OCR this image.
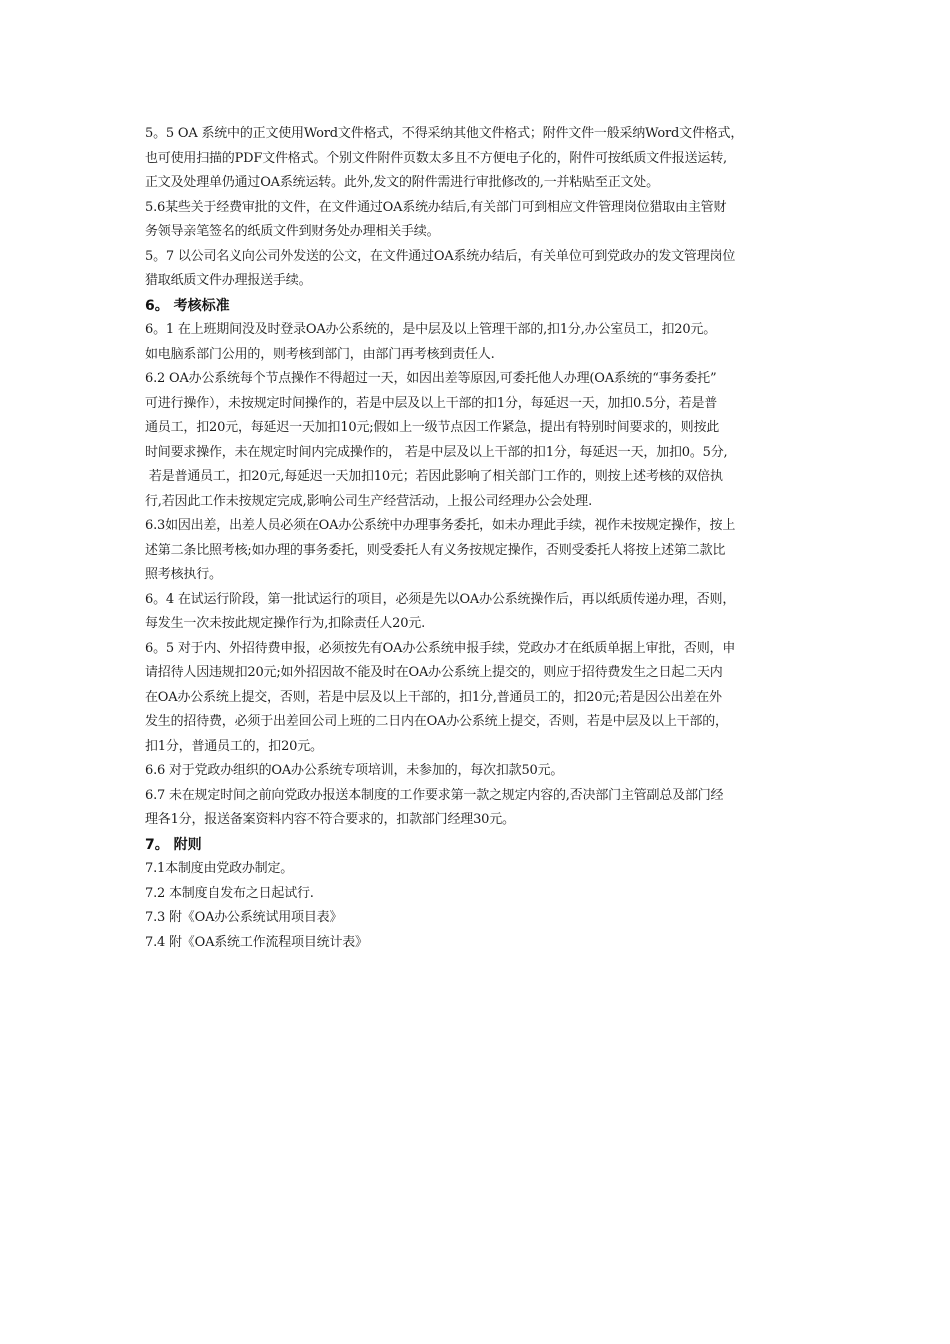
5。5 OA 系统中的正文使用Word文件格式，不得采纳其他文件格式；附件文件一般采纳Word文件格式，
也可使用扫描的PDF文件格式。个别文件附件页数太多且不方便电子化的，附件可按纸质文件报送运转,
正文及处理单仍通过OA系统运转。此外,发文的附件需进行审批修改的,一并粘贴至正文处。
5.6某些关于经费审批的文件，在文件通过OA系统办结后,有关部门可到相应文件管理岗位猎取由主管财
务领导亲笔签名的纸质文件到财务处办理相关手续。
5。7 以公司名义向公司外发送的公文，在文件通过OA系统办结后，有关单位可到党政办的发文管理岗位
猎取纸质文件办理报送手续。
6。 考核标准
6。1 在上班期间没及时登录OA办公系统的，是中层及以上管理干部的,扣1分,办公室员工，扣20元。
如电脑系部门公用的，则考核到部门，由部门再考核到责任人.
6.2 OA办公系统每个节点操作不得超过一天，如因出差等原因,可委托他人办理(OA系统的“事务委托”
可进行操作），未按规定时间操作的，若是中层及以上干部的扣1分，每延迟一天，加扣0.5分，若是普
通员工，扣20元，每延迟一天加扣10元;假如上一级节点因工作紧急，提出有特别时间要求的，则按此
时间要求操作，未在规定时间内完成操作的， 若是中层及以上干部的扣1分，每延迟一天，加扣0。5分,
若是普通员工，扣20元,每延迟一天加扣10元；若因此影响了相关部门工作的，则按上述考核的双倍执
行,若因此工作未按规定完成,影响公司生产经营活动，上报公司经理办公会处理.
6.3如因出差，出差人员必须在OA办公系统中办理事务委托，如未办理此手续，视作未按规定操作，按上
述第二条比照考核;如办理的事务委托，则受委托人有义务按规定操作，否则受委托人将按上述第二款比
照考核执行。
6。4 在试运行阶段，第一批试运行的项目，必须是先以OA办公系统操作后，再以纸质传递办理，否则，
每发生一次未按此规定操作行为,扣除责任人20元.
6。5 对于内、外招待费申报，必须按先有OA办公系统申报手续，党政办才在纸质单据上审批，否则，申
请招待人因违规扣20元;如外招因故不能及时在OA办公系统上提交的，则应于招待费发生之日起二天内
在OA办公系统上提交，否则，若是中层及以上干部的，扣1分,普通员工的，扣20元;若是因公出差在外
发生的招待费，必须于出差回公司上班的二日内在OA办公系统上提交，否则，若是中层及以上干部的，
扣1分，普通员工的，扣20元。
6.6 对于党政办组织的OA办公系统专项培训，未参加的，每次扣款50元。
6.7 未在规定时间之前向党政办报送本制度的工作要求第一款之规定内容的,否决部门主管副总及部门经
理各1分，报送备案资料内容不符合要求的，扣款部门经理30元。
7。 附则
7.1本制度由党政办制定。
7.2 本制度自发布之日起试行.
7.3 附《OA办公系统试用项目表》
7.4 附《OA系统工作流程项目统计表》
